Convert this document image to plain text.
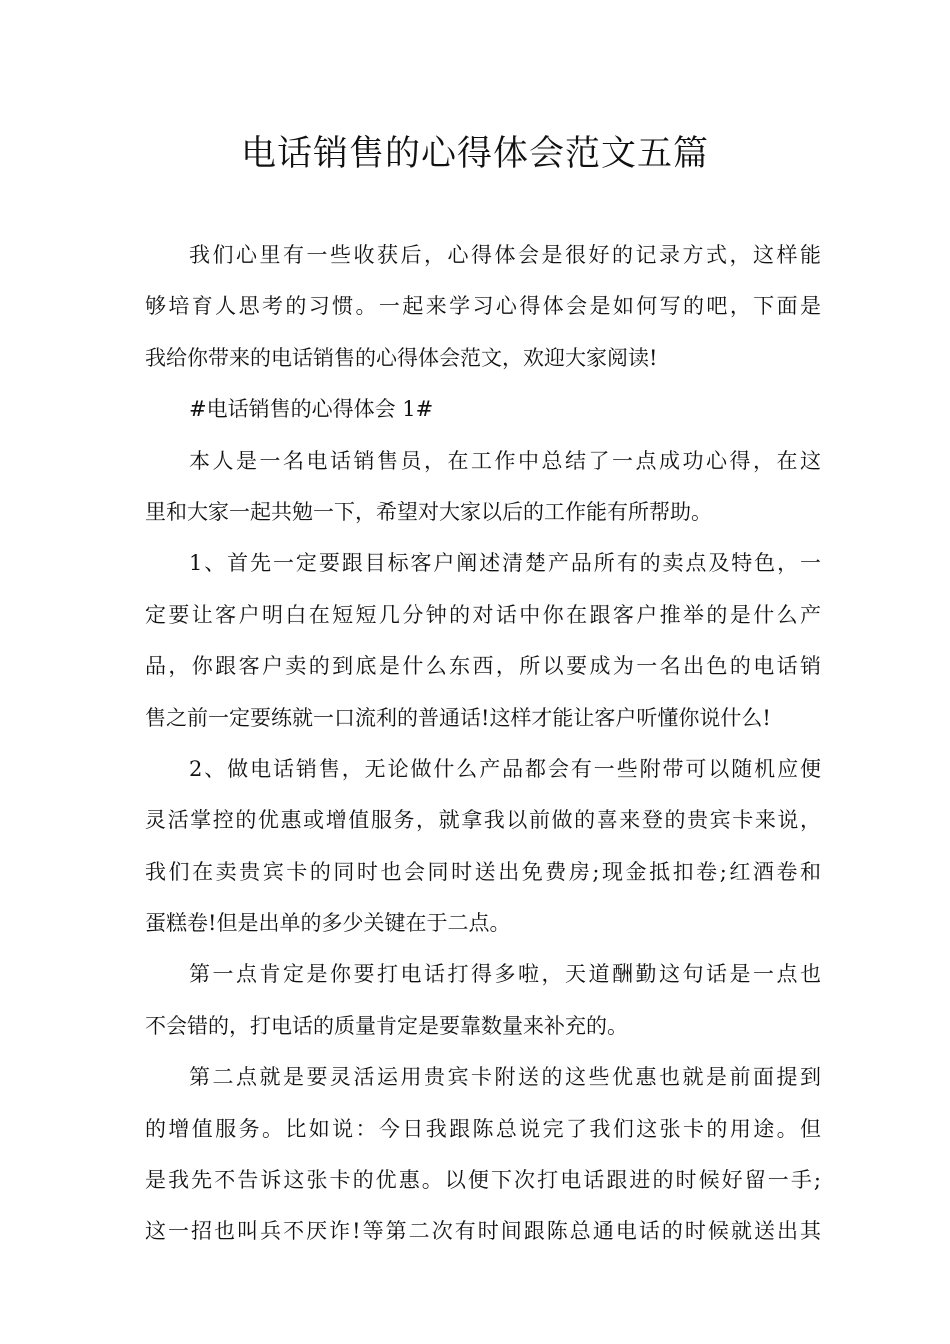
电话销售的心得体会范文五篇
我们心里有一些收获后，心得体会是很好的记录方式，这样能
够培育人思考的习惯。一起来学习心得体会是如何写的吧，下面是
我给你带来的电话销售的心得体会范文，欢迎大家阅读!
#电话销售的心得体会 1#
本人是一名电话销售员，在工作中总结了一点成功心得，在这
里和大家一起共勉一下，希望对大家以后的工作能有所帮助。
1、首先一定要跟目标客户阐述清楚产品所有的卖点及特色，一
定要让客户明白在短短几分钟的对话中你在跟客户推举的是什么产
品，你跟客户卖的到底是什么东西，所以要成为一名出色的电话销
售之前一定要练就一口流利的普通话!这样才能让客户听懂你说什么!
2、做电话销售，无论做什么产品都会有一些附带可以随机应便
灵活掌控的优惠或增值服务，就拿我以前做的喜来登的贵宾卡来说，
我们在卖贵宾卡的同时也会同时送出免费房;现金抵扣卷;红酒卷和
蛋糕卷!但是出单的多少关键在于二点。
第一点肯定是你要打电话打得多啦，天道酬勤这句话是一点也
不会错的，打电话的质量肯定是要靠数量来补充的。
第二点就是要灵活运用贵宾卡附送的这些优惠也就是前面提到
的增值服务。比如说：今日我跟陈总说完了我们这张卡的用途。但
是我先不告诉这张卡的优惠。以便下次打电话跟进的时候好留一手;
这一招也叫兵不厌诈!等第二次有时间跟陈总通电话的时候就送出其
